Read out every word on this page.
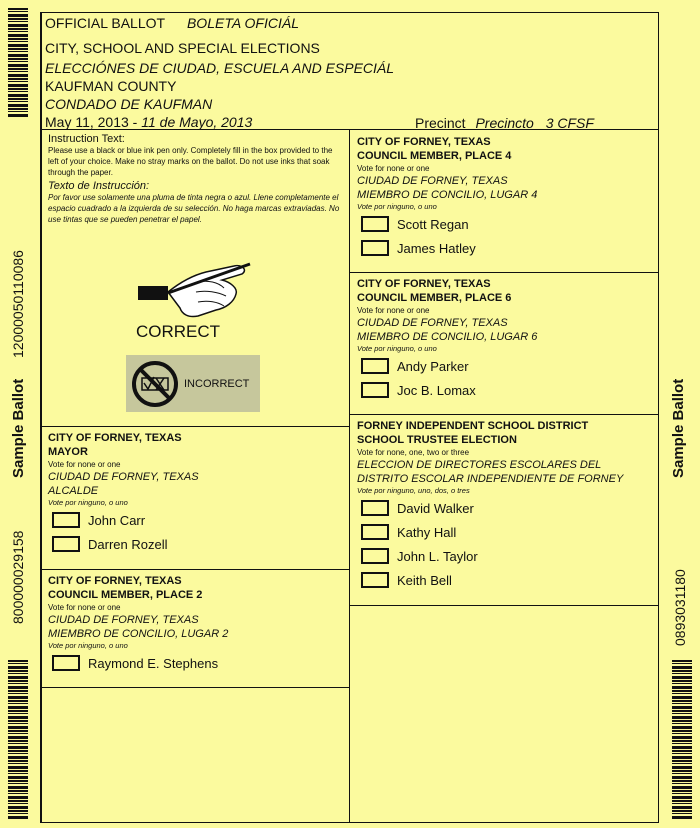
12000050110086
Sample Ballot
800000029158
Sample Ballot
0893031180
OFFICIAL BALLOT BOLETA OFICIÁL
CITY, SCHOOL AND SPECIAL ELECTIONS
ELECCIÓNES DE CIUDAD, ESCUELA AND ESPECIÁL
KAUFMAN COUNTY
CONDADO DE KAUFMAN
May 11, 2013 - 11 de Mayo, 2013	Precinct Precincto 3 CFSF
Instruction Text:
Please use a black or blue ink pen only. Completely fill in the box provided to the left of your choice. Make no stray marks on the ballot. Do not use inks that soak through the paper.
Texto de Instrucción:
Por favor use solamente una pluma de tinta negra o azul. Llene completamente el espacio cuadrado a la izquierda de su selección. No haga marcas extraviadas. No use tintas que se pueden penetrar el papel.
CORRECT
INCORRECT
CITY OF FORNEY, TEXAS
MAYOR
Vote for none or one
CIUDAD DE FORNEY, TEXAS
ALCALDE
Vote por ninguno, o uno
John Carr
Darren Rozell
CITY OF FORNEY, TEXAS
COUNCIL MEMBER, PLACE 2
Vote for none or one
CIUDAD DE FORNEY, TEXAS
MIEMBRO DE CONCILIO, LUGAR 2
Vote por ninguno, o uno
Raymond E. Stephens
CITY OF FORNEY, TEXAS
COUNCIL MEMBER, PLACE 4
Vote for none or one
CIUDAD DE FORNEY, TEXAS
MIEMBRO DE CONCILIO, LUGAR 4
Vote por ninguno, o uno
Scott Regan
James Hatley
CITY OF FORNEY, TEXAS
COUNCIL MEMBER, PLACE 6
Vote for none or one
CIUDAD DE FORNEY, TEXAS
MIEMBRO DE CONCILIO, LUGAR 6
Vote por ninguno, o uno
Andy Parker
Joc B. Lomax
FORNEY INDEPENDENT SCHOOL DISTRICT
SCHOOL TRUSTEE ELECTION
Vote for none, one, two or three
ELECCION DE DIRECTORES ESCOLARES DEL
DISTRITO ESCOLAR INDEPENDIENTE DE FORNEY
Vote por ninguno, uno, dos, o tres
David Walker
Kathy Hall
John L. Taylor
Keith Bell
